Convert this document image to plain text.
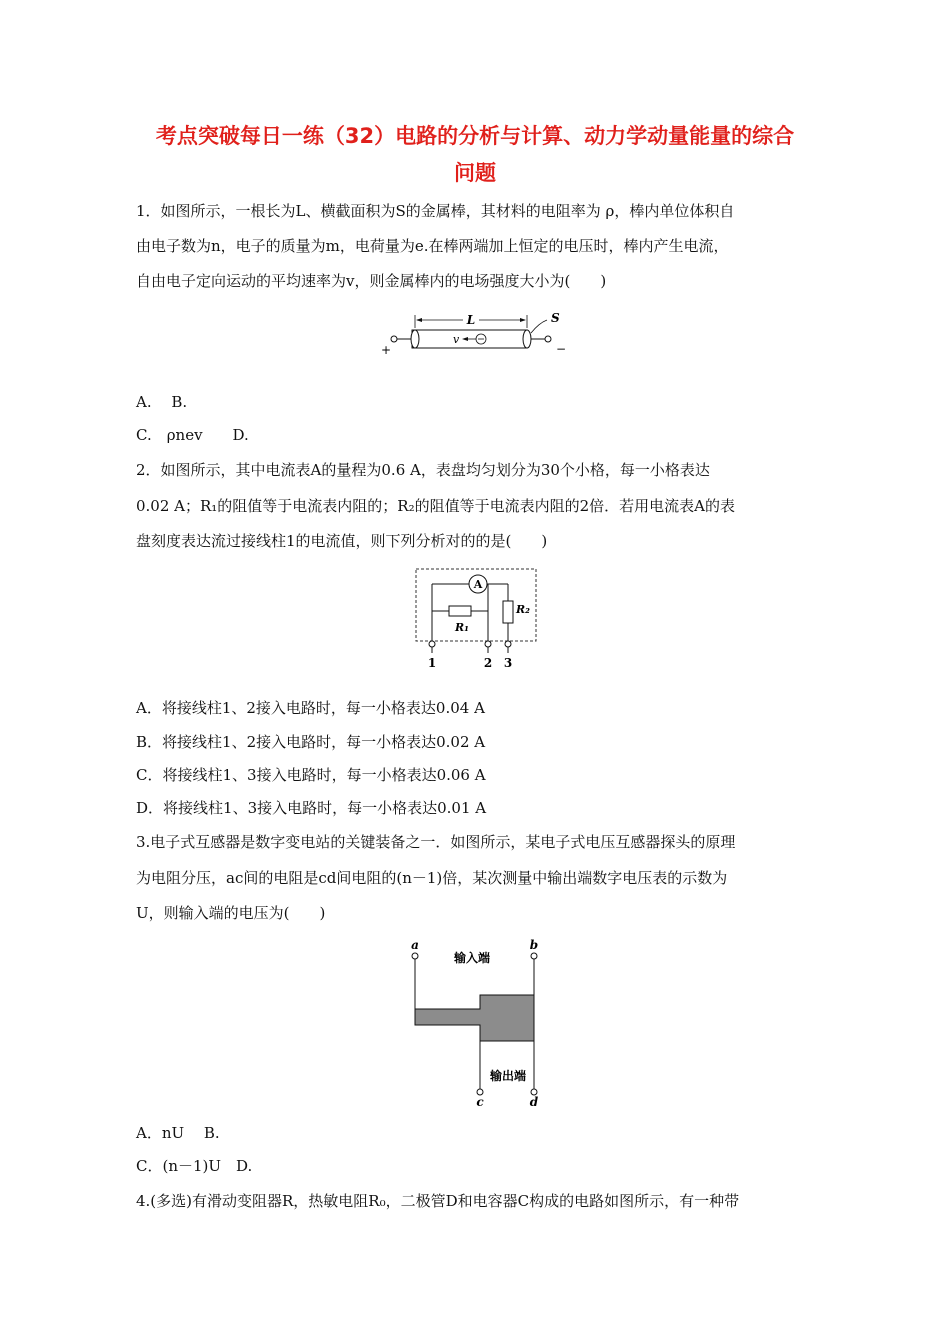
考点突破每日一练（32）电路的分析与计算、动力学动量能量的综合
问题
1．如图所示，一根长为L、横截面积为S的金属棒，其材料的电阻率为 ρ，棒内单位体积自
由电子数为n，电子的质量为m，电荷量为e.在棒两端加上恒定的电压时，棒内产生电流，
自由电子定向运动的平均速率为v，则金属棒内的电场强度大小为(　　)
L	S
v
+	−
A.　 B.
C.　ρnev　　D.
2．如图所示，其中电流表A的量程为0.6 A，表盘均匀划分为30个小格，每一小格表达
0.02 A；R₁的阻值等于电流表内阻的；R₂的阻值等于电流表内阻的2倍．若用电流表A的表
盘刻度表达流过接线柱1的电流值，则下列分析对的的是(　　)
A
R₁
R₂
1	2 3
A．将接线柱1、2接入电路时，每一小格表达0.04 A
B．将接线柱1、2接入电路时，每一小格表达0.02 A
C．将接线柱1、3接入电路时，每一小格表达0.06 A
D．将接线柱1、3接入电路时，每一小格表达0.01 A
3.电子式互感器是数字变电站的关键装备之一．如图所示，某电子式电压互感器探头的原理
为电阻分压，ac间的电阻是cd间电阻的(n－1)倍，某次测量中输出端数字电压表的示数为
U，则输入端的电压为(　　)
a	b
输入端
输出端
c	d
A．nU　 B.
C．(n－1)U　D.
4.(多选)有滑动变阻器R，热敏电阻R₀，二极管D和电容器C构成的电路如图所示，有一种带
